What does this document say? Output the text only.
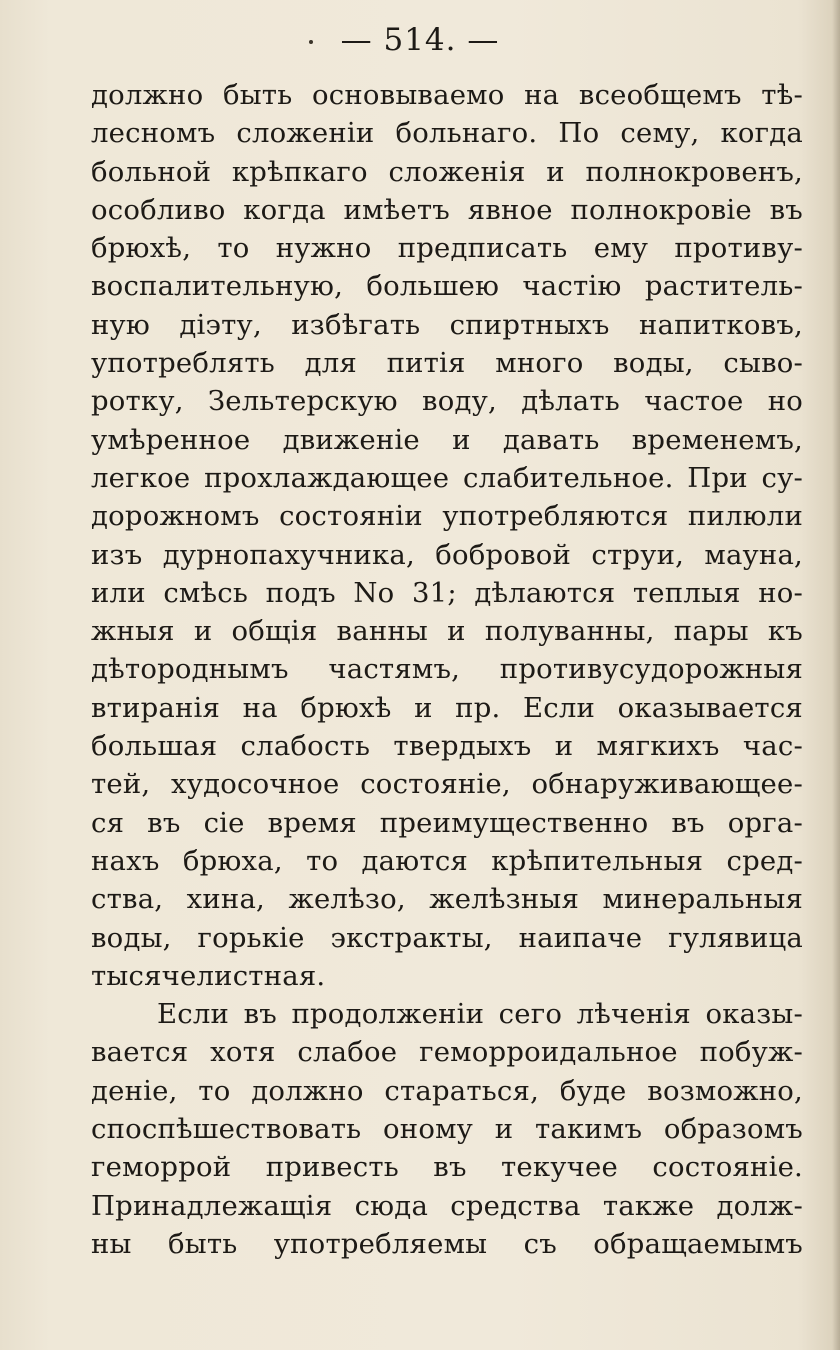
— 514. —
должно быть основываемо на всеобщемъ тѣ-
лесномъ сложеніи больнаго. По сему, когда
больной крѣпкаго сложенія и полнокровенъ,
особливо когда имѣетъ явное полнокровіе въ
брюхѣ, то нужно предписать ему противу-
воспалительную, большею частію раститель-
ную діэту, избѣгать спиртныхъ напитковъ,
употреблять для питія много воды, сыво-
ротку, Зельтерскую воду, дѣлать частое но
умѣренное движеніе и давать временемъ,
легкое прохлаждающее слабительное. При су-
дорожномъ состояніи употребляются пилюли
изъ дурнопахучника, бобровой струи, мауна,
или смѣсь подъ No 31; дѣлаются теплыя но-
жныя и общія ванны и полуванны, пары къ
дѣтороднымъ частямъ, противусудорожныя
втиранія на брюхѣ и пр. Если оказывается
большая слабость твердыхъ и мягкихъ час-
тей, худосочное состояніе, обнаруживающее-
ся въ сіе время преимущественно въ орга-
нахъ брюха, то даются крѣпительныя сред-
ства, хина, желѣзо, желѣзныя минеральныя
воды, горькіе экстракты, наипаче гулявица
тысячелистная.
Если въ продолженіи сего лѣченія оказы-
вается хотя слабое геморроидальное побуж-
деніе, то должно стараться, буде возможно,
споспѣшествовать оному и такимъ образомъ
геморрой привесть въ текучее состояніе.
Принадлежащія сюда средства также долж-
ны быть употребляемы съ обращаемымъ
